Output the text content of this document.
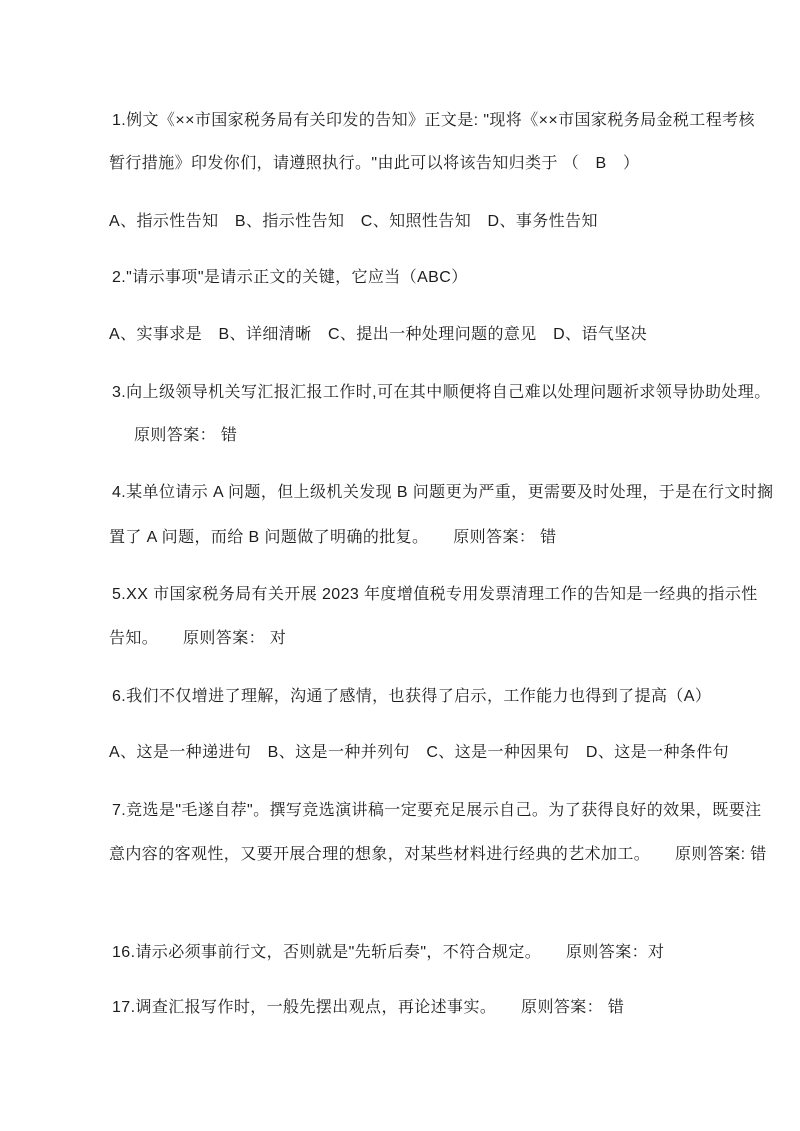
1.例文《××市国家税务局有关印发的告知》正文是: "现将《××市国家税务局金税工程考核
暂行措施》印发你们，请遵照执行。"由此可以将该告知归类于 （　B　）
A、指示性告知　B、指示性告知　C、知照性告知　D、事务性告知
2."请示事项"是请示正文的关键，它应当（ABC）
A、实事求是　B、详细清晰　C、提出一种处理问题的意见　D、语气坚决
3.向上级领导机关写汇报汇报工作时,可在其中顺便将自己难以处理问题祈求领导协助处理。
原则答案： 错
4.某单位请示 A 问题，但上级机关发现 B 问题更为严重，更需要及时处理，于是在行文时搁
置了 A 问题，而给 B 问题做了明确的批复。　　原则答案： 错
5.XX 市国家税务局有关开展 2023 年度增值税专用发票清理工作的告知是一经典的指示性
告知。　　原则答案： 对
6.我们不仅增进了理解，沟通了感情，也获得了启示，工作能力也得到了提高（A）
A、这是一种递进句　B、这是一种并列句　C、这是一种因果句　D、这是一种条件句
7.竞选是"毛遂自荐"。撰写竞选演讲稿一定要充足展示自己。为了获得良好的效果，既要注
意内容的客观性，又要开展合理的想象，对某些材料进行经典的艺术加工。　　原则答案: 错
16.请示必须事前行文，否则就是"先斩后奏"，不符合规定。　　原则答案：对
17.调查汇报写作时，一般先摆出观点，再论述事实。　　原则答案： 错
